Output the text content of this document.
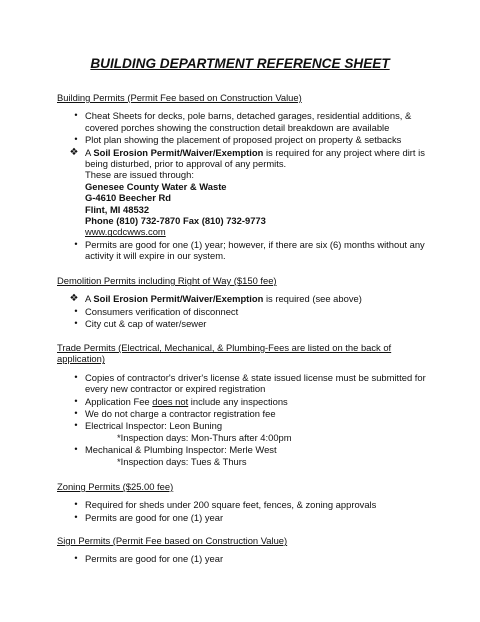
BUILDING DEPARTMENT REFERENCE SHEET
Building Permits (Permit Fee based on Construction Value)
• Cheat Sheets for decks, pole barns, detached garages, residential additions, & covered porches showing the construction detail breakdown are available
• Plot plan showing the placement of proposed project on property & setbacks
❖ A Soil Erosion Permit/Waiver/Exemption is required for any project where dirt is being disturbed, prior to approval of any permits.
These are issued through:
Genesee County Water & Waste
G-4610 Beecher Rd
Flint, MI 48532
Phone (810) 732-7870 Fax (810) 732-9773
www.gcdcwws.com
• Permits are good for one (1) year; however, if there are six (6) months without any activity it will expire in our system.
Demolition Permits including Right of Way ($150 fee)
❖ A Soil Erosion Permit/Waiver/Exemption is required (see above)
• Consumers verification of disconnect
• City cut & cap of water/sewer
Trade Permits (Electrical, Mechanical, & Plumbing-Fees are listed on the back of application)
• Copies of contractor's driver's license & state issued license must be submitted for every new contractor or expired registration
• Application Fee does not include any inspections
• We do not charge a contractor registration fee
• Electrical Inspector: Leon Buning
*Inspection days: Mon-Thurs after 4:00pm
• Mechanical & Plumbing Inspector: Merle West
*Inspection days: Tues & Thurs
Zoning Permits ($25.00 fee)
• Required for sheds under 200 square feet, fences, & zoning approvals
• Permits are good for one (1) year
Sign Permits (Permit Fee based on Construction Value)
• Permits are good for one (1) year
